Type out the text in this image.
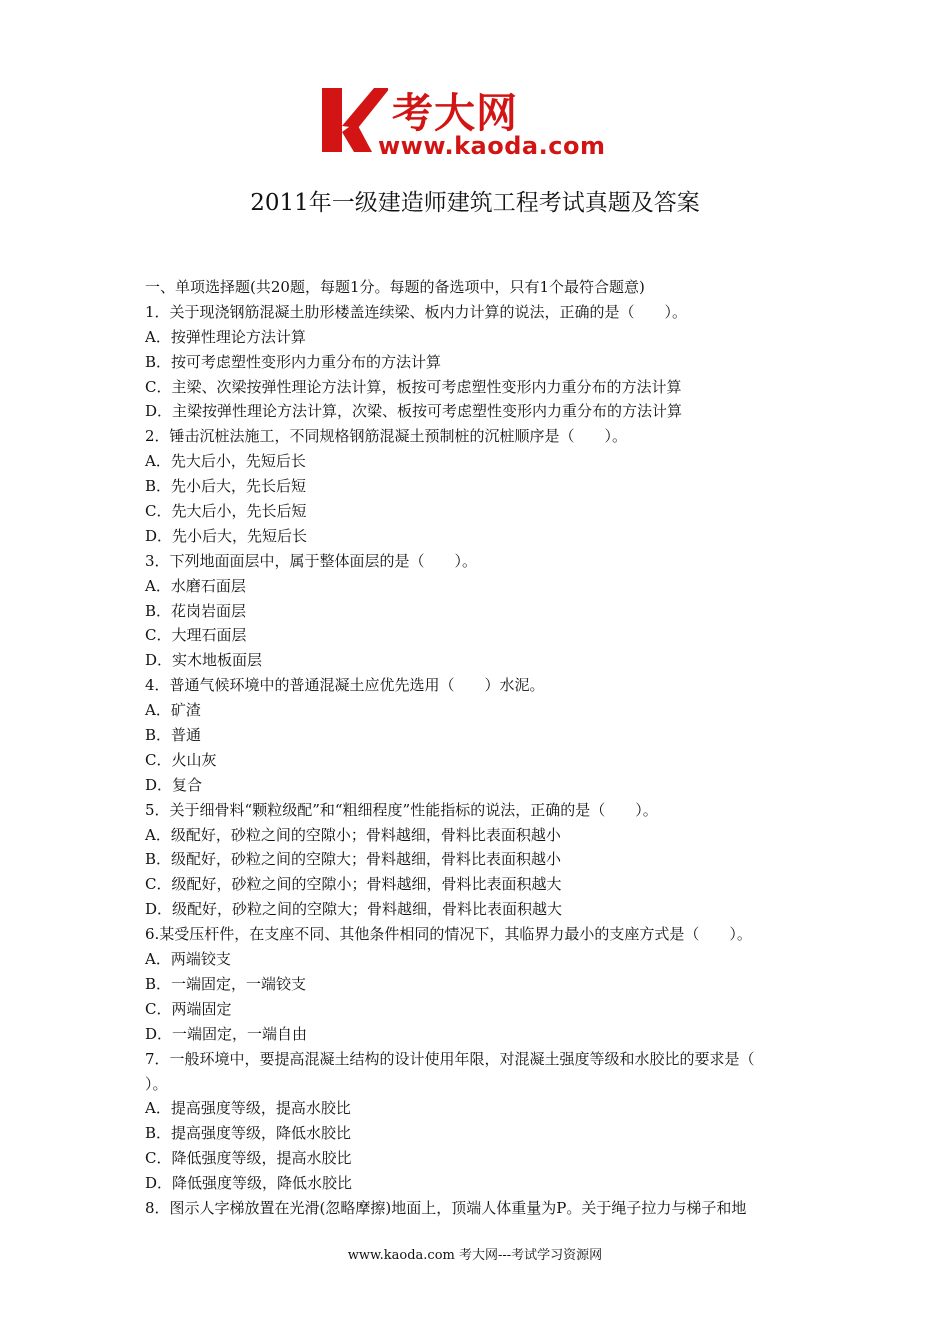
考大网
www.kaoda.com
2011年一级建造师建筑工程考试真题及答案
一、单项选择题(共20题，每题1分。每题的备选项中，只有1个最符合题意)
1．关于现浇钢筋混凝土肋形楼盖连续梁、板内力计算的说法，正确的是（　　）。
A．按弹性理论方法计算
B．按可考虑塑性变形内力重分布的方法计算
C．主梁、次梁按弹性理论方法计算，板按可考虑塑性变形内力重分布的方法计算
D．主梁按弹性理论方法计算，次梁、板按可考虑塑性变形内力重分布的方法计算
2．锤击沉桩法施工，不同规格钢筋混凝土预制桩的沉桩顺序是（　　）。
A．先大后小，先短后长
B．先小后大，先长后短
C．先大后小，先长后短
D．先小后大，先短后长
3．下列地面面层中，属于整体面层的是（　　）。
A．水磨石面层
B．花岗岩面层
C．大理石面层
D．实木地板面层
4．普通气候环境中的普通混凝土应优先选用（　　）水泥。
A．矿渣
B．普通
C．火山灰
D．复合
5．关于细骨料“颗粒级配”和“粗细程度”性能指标的说法，正确的是（　　）。
A．级配好，砂粒之间的空隙小；骨料越细，骨料比表面积越小
B．级配好，砂粒之间的空隙大；骨料越细，骨料比表面积越小
C．级配好，砂粒之间的空隙小；骨料越细，骨料比表面积越大
D．级配好，砂粒之间的空隙大；骨料越细，骨料比表面积越大
6.某受压杆件，在支座不同、其他条件相同的情况下，其临界力最小的支座方式是（　　）。
A．两端铰支
B．一端固定，一端铰支
C．两端固定
D．一端固定，一端自由
7．一般环境中，要提高混凝土结构的设计使用年限，对混凝土强度等级和水胶比的要求是（
）。
A．提高强度等级，提高水胶比
B．提高强度等级，降低水胶比
C．降低强度等级，提高水胶比
D．降低强度等级，降低水胶比
8．图示人字梯放置在光滑(忽略摩擦)地面上，顶端人体重量为P。关于绳子拉力与梯子和地
www.kaoda.com 考大网---考试学习资源网
